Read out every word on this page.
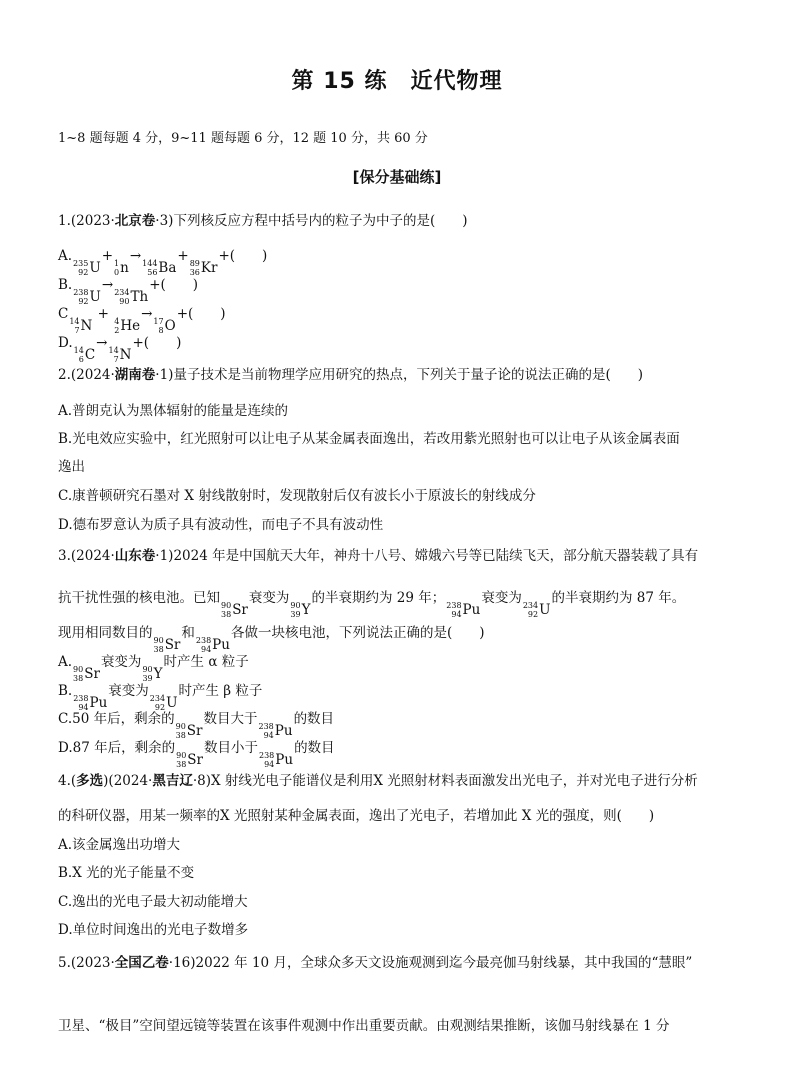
第 15 练　近代物理
1~8 题每题 4 分，9~11 题每题 6 分，12 题 10 分，共 60 分
[保分基础练]
1.(2023·北京卷·3)下列核反应方程中括号内的粒子为中子的是(　　)
A. 235
92 U
+ 1
0 n
→ 144
56 Ba
+ 89
36 Kr
+(　　)
B. 238
92 U
→ 234
90 Th
+(　　)
C 14
7 N
+ 4
2 He
→ 17
8 O
+(　　)
D. 14
6 C
→ 14
7 N
+(　　)
2.(2024·湖南卷·1)量子技术是当前物理学应用研究的热点，下列关于量子论的说法正确的是(　　)
A.普朗克认为黑体辐射的能量是连续的
B.光电效应实验中，红光照射可以让电子从某金属表面逸出，若改用紫光照射也可以让电子从该金属表面
逸出
C.康普顿研究石墨对 X 射线散射时，发现散射后仅有波长小于原波长的射线成分
D.德布罗意认为质子具有波动性，而电子不具有波动性
3.(2024·山东卷·1)2024 年是中国航天大年，神舟十八号、嫦娥六号等已陆续飞天，部分航天器装载了具有
抗干扰性强的核电池。已知 90
38 Sr
衰变为 90
39 Y
的半衰期约为 29 年； 238
94 Pu
衰变为 234
92 U
的半衰期约为 87 年。
现用相同数目的 90
38 Sr
和 238
94 Pu
各做一块核电池，下列说法正确的是(　　)
A. 90
38 Sr
衰变为 90
39 Y
时产生 α 粒子
B. 238
94 Pu
衰变为 234
92 U
时产生 β 粒子
C.50 年后，剩余的 90
38 Sr
数目大于 238
94 Pu
的数目
D.87 年后，剩余的 90
38 Sr
数目小于 238
94 Pu
的数目
4.(多选)(2024·黑吉辽·8)X 射线光电子能谱仪是利用X 光照射材料表面激发出光电子，并对光电子进行分析
的科研仪器，用某一频率的X 光照射某种金属表面，逸出了光电子，若增加此 X 光的强度，则(　　)
A.该金属逸出功增大
B.X 光的光子能量不变
C.逸出的光电子最大初动能增大
D.单位时间逸出的光电子数增多
5.(2023·全国乙卷·16)2022 年 10 月，全球众多天文设施观测到迄今最亮伽马射线暴，其中我国的“慧眼”
卫星、“极目”空间望远镜等装置在该事件观测中作出重要贡献。由观测结果推断，该伽马射线暴在 1 分
